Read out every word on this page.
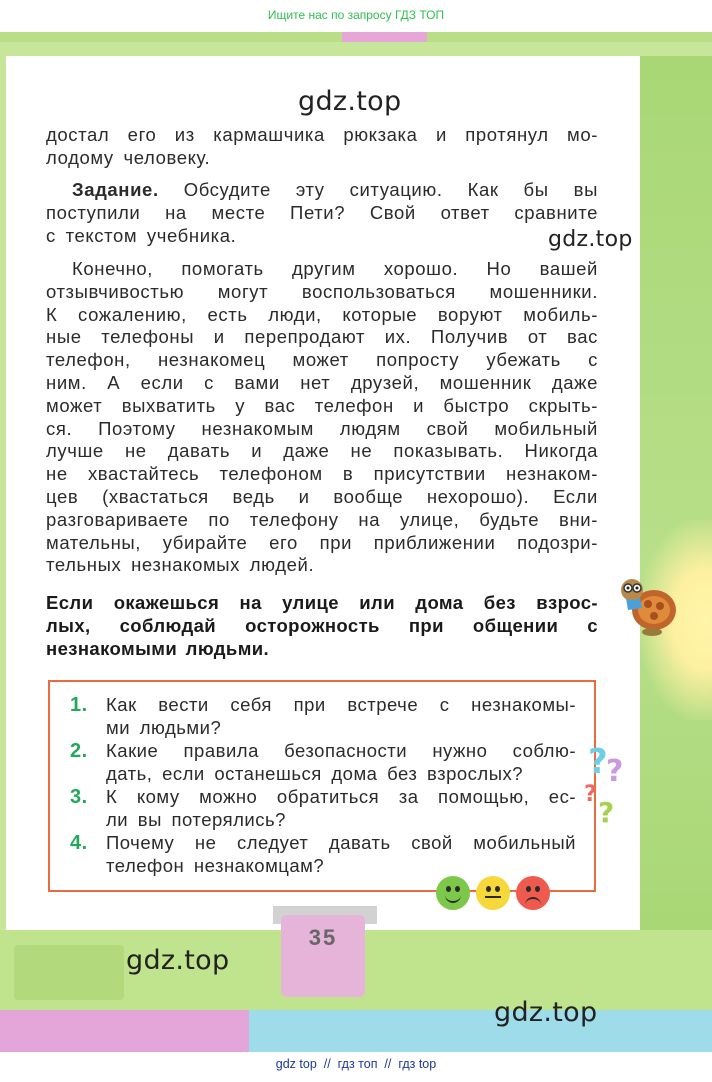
Ищите нас по запросу ГДЗ ТОП
gdz.top
gdz.top
gdz.top
gdz.top
достал его из кармашчика рюкзака и протянул мо-
лодому человеку.
Задание. Обсудите эту ситуацию. Как бы вы
поступили на месте Пети? Свой ответ сравните
с текстом учебника.
Конечно, помогать другим хорошо. Но вашей
отзывчивостью могут воспользоваться мошенники.
К сожалению, есть люди, которые воруют мобиль-
ные телефоны и перепродают их. Получив от вас
телефон, незнакомец может попросту убежать с
ним. А если с вами нет друзей, мошенник даже
может выхватить у вас телефон и быстро скрыть-
ся. Поэтому незнакомым людям свой мобильный
лучше не давать и даже не показывать. Никогда
не хвастайтесь телефоном в присутствии незнаком-
цев (хвастаться ведь и вообще нехорошо). Если
разговариваете по телефону на улице, будьте вни-
мательны, убирайте его при приближении подозри-
тельных незнакомых людей.
Если окажешься на улице или дома без взрос-
лых, соблюдай осторожность при общении с
незнакомыми людьми.
1. Как вести себя при встрече с незнакомы-
ми людьми?
2. Какие правила безопасности нужно соблю-
дать, если останешься дома без взрослых?
3. К кому можно обратиться за помощью, ес-
ли вы потерялись?
4. Почему не следует давать свой мобильный
телефон незнакомцам?
?
?
?
?
35
gdz top // гдз топ // гдз top
